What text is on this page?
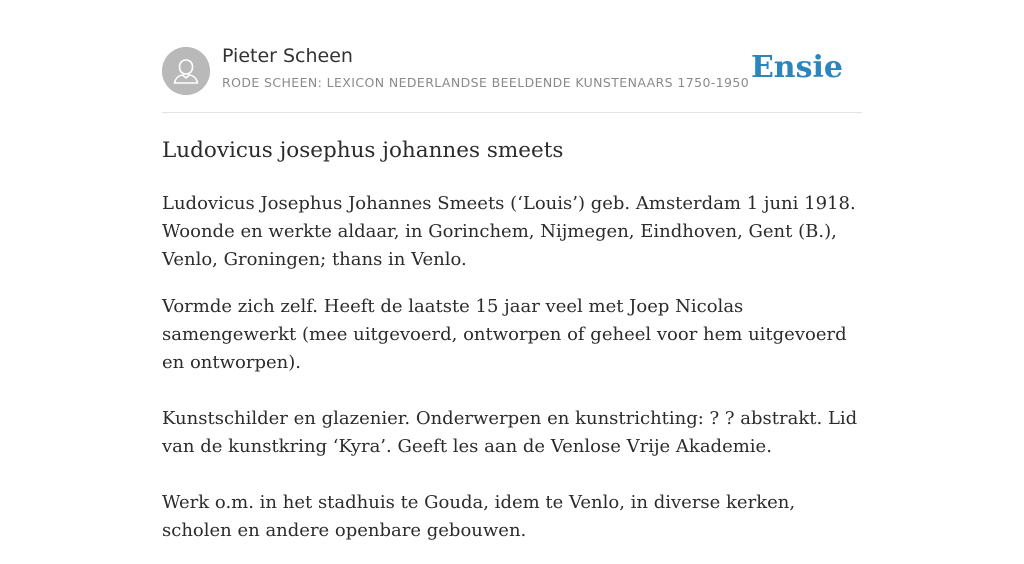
Pieter Scheen
RODE SCHEEN: LEXICON NEDERLANDSE BEELDENDE KUNSTENAARS 1750-1950 Ensie
Ludovicus josephus johannes smeets

Ludovicus Josephus Johannes Smeets (‘Louis’) geb. Amsterdam 1 juni 1918. Woonde en werkte aldaar, in Gorinchem, Nijmegen, Eindhoven, Gent (B.), Venlo, Groningen; thans in Venlo.

Vormde zich zelf. Heeft de laatste 15 jaar veel met Joep Nicolas samengewerkt (mee uitgevoerd, ontworpen of geheel voor hem uitgevoerd en ontworpen).

Kunstschilder en glazenier. Onderwerpen en kunstrichting: ? ? abstrakt. Lid van de kunstkring ‘Kyra’. Geeft les aan de Venlose Vrije Akademie.

Werk o.m. in het stadhuis te Gouda, idem te Venlo, in diverse kerken, scholen en andere openbare gebouwen.
